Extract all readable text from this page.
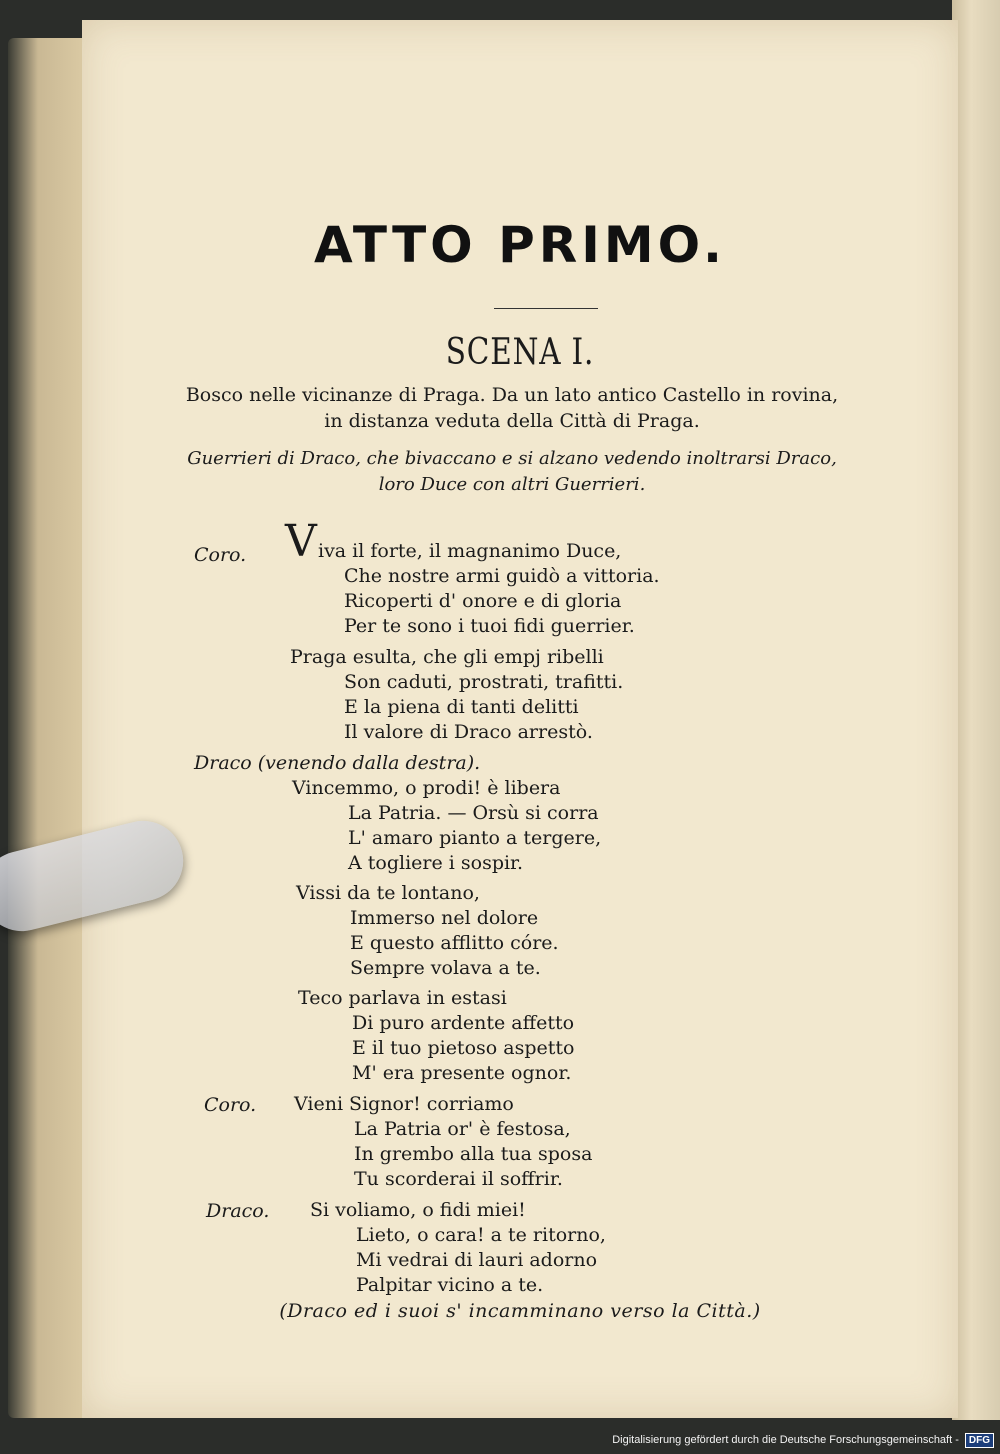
ATTO PRIMO.
SCENA I.
Bosco nelle vicinanze di Praga. Da un lato antico Castello in rovina, in distanza veduta della Città di Praga.
Guerrieri di Draco, che bivaccano e si alzano vedendo inoltrarsi Draco, loro Duce con altri Guerrieri.
Coro. V iva il forte, il magnanimo Duce,
Che nostre armi guidò a vittoria.
Ricoperti d' onore e di gloria
Per te sono i tuoi fidi guerrier.
Praga esulta, che gli empj ribelli
Son caduti, prostrati, trafitti.
E la piena di tanti delitti
Il valore di Draco arrestò.
Draco (venendo dalla destra).
Vincemmo, o prodi! è libera
La Patria. — Orsù si corra
L' amaro pianto a tergere,
A togliere i sospir.
Vissi da te lontano,
Immerso nel dolore
E questo afflitto córe.
Sempre volava a te.
Teco parlava in estasi
Di puro ardente affetto
E il tuo pietoso aspetto
M' era presente ognor.
Coro. Vieni Signor! corriamo
La Patria or' è festosa,
In grembo alla tua sposa
Tu scorderai il soffrir.
Draco. Si voliamo, o fidi miei!
Lieto, o cara! a te ritorno,
Mi vedrai di lauri adorno
Palpitar vicino a te.
(Draco ed i suoi s' incamminano verso la Città.)
Digitalisierung gefördert durch die Deutsche Forschungsgemeinschaft -	DFG
